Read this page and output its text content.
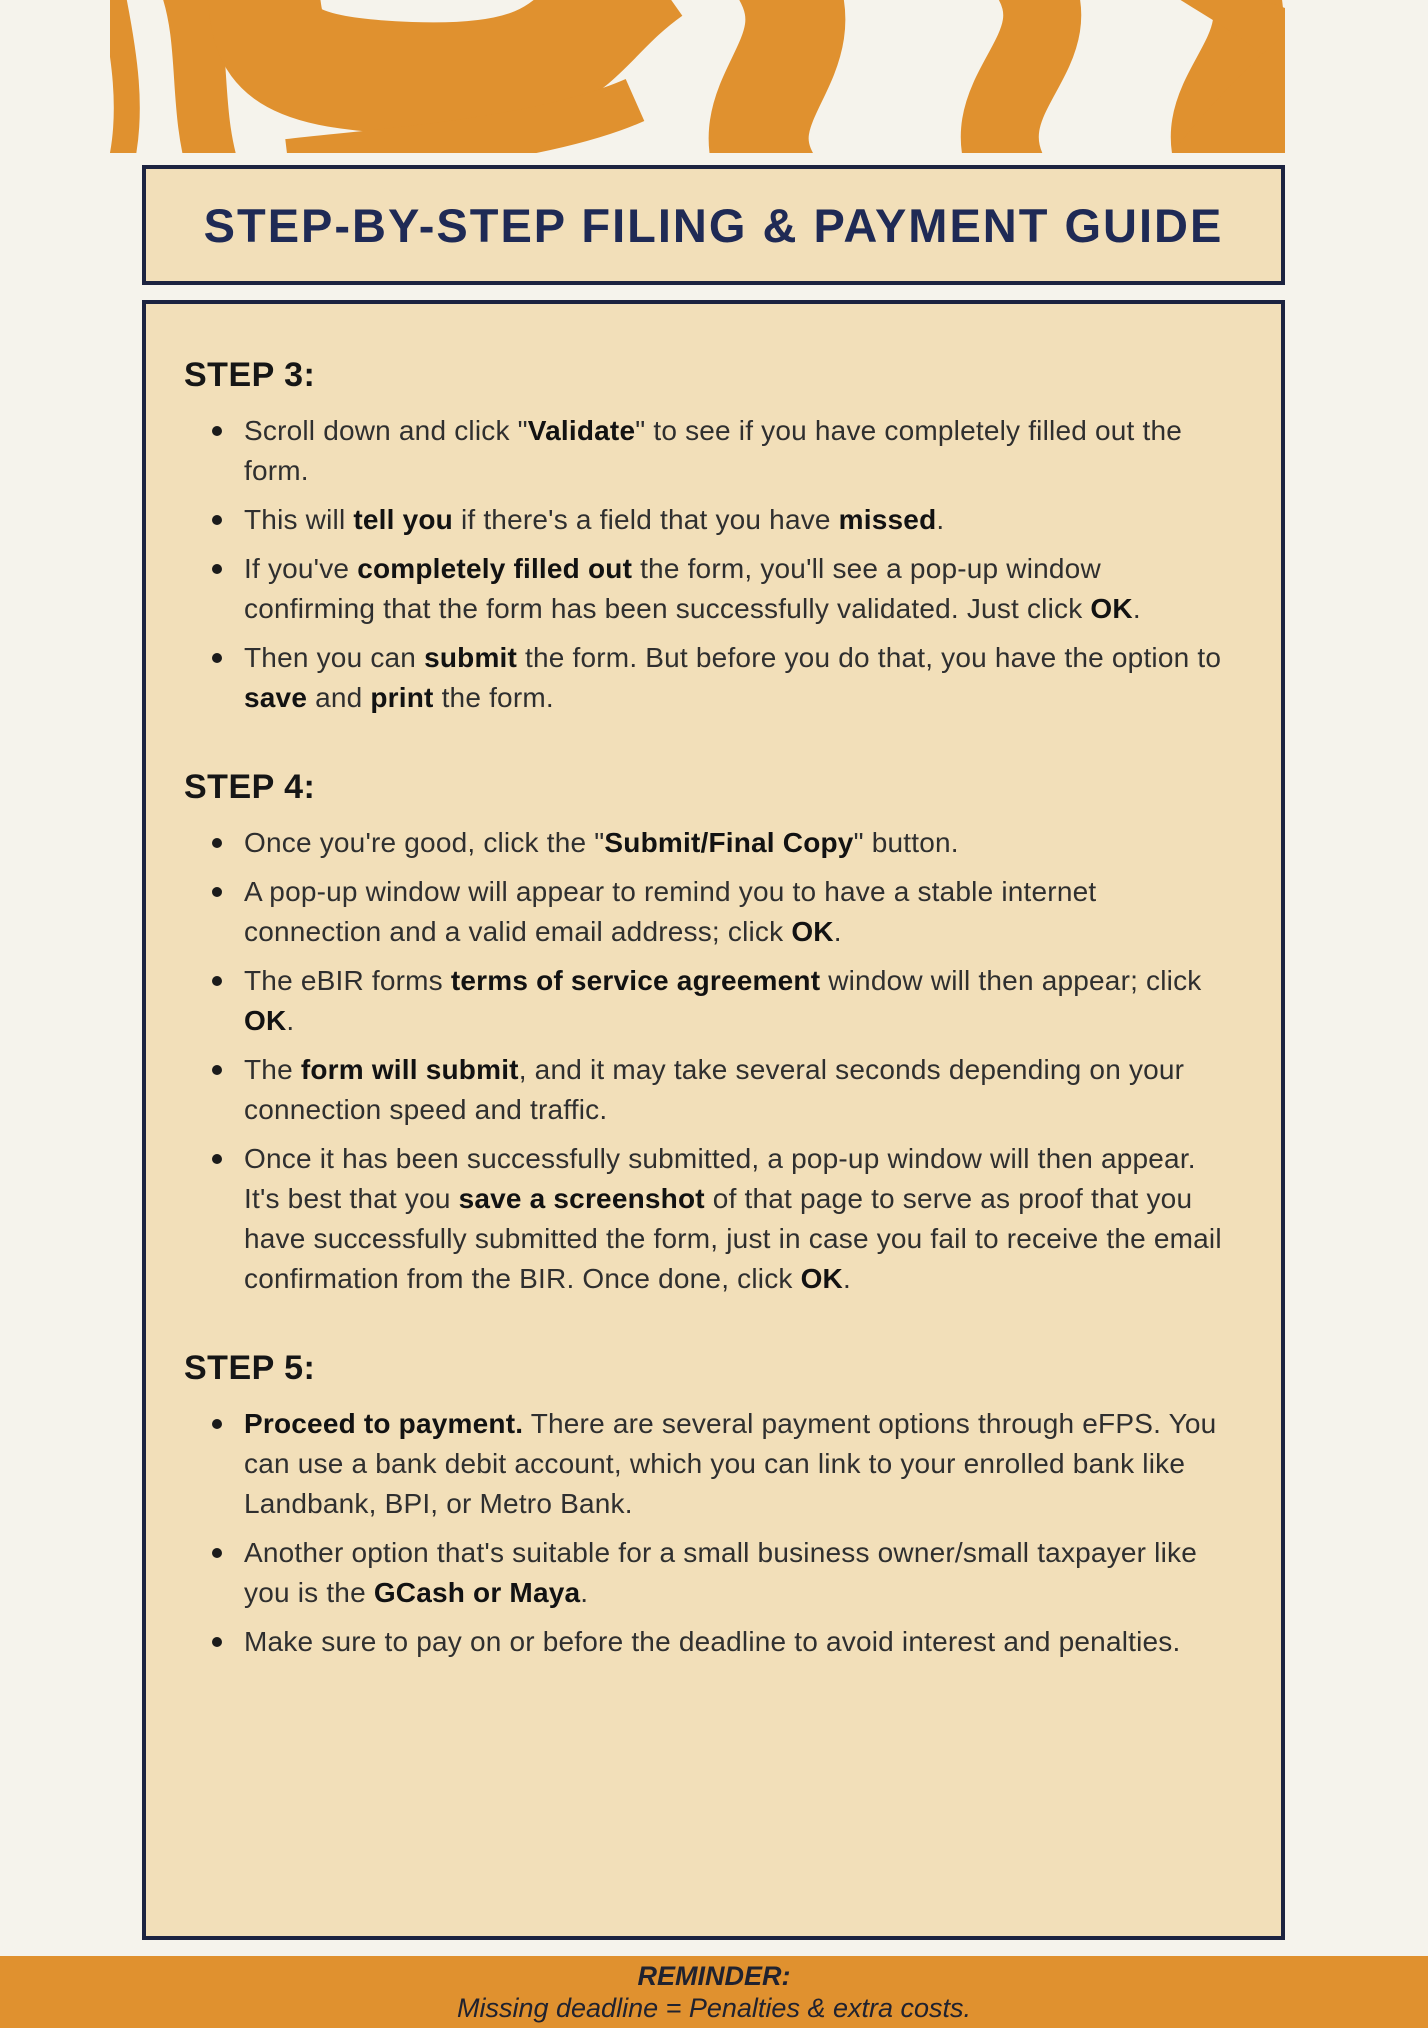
STEP-BY-STEP FILING & PAYMENT GUIDE
STEP 3:
Scroll down and click "Validate" to see if you have completely filled out the form.
This will tell you if there's a field that you have missed.
If you've completely filled out the form, you'll see a pop-up window confirming that the form has been successfully validated. Just click OK.
Then you can submit the form. But before you do that, you have the option to save and print the form.
STEP 4:
Once you're good, click the "Submit/Final Copy" button.
A pop-up window will appear to remind you to have a stable internet connection and a valid email address; click OK.
The eBIR forms terms of service agreement window will then appear; click OK.
The form will submit, and it may take several seconds depending on your connection speed and traffic.
Once it has been successfully submitted, a pop-up window will then appear. It's best that you save a screenshot of that page to serve as proof that you have successfully submitted the form, just in case you fail to receive the email confirmation from the BIR. Once done, click OK.
STEP 5:
Proceed to payment. There are several payment options through eFPS. You can use a bank debit account, which you can link to your enrolled bank like Landbank, BPI, or Metro Bank.
Another option that's suitable for a small business owner/small taxpayer like you is the GCash or Maya.
Make sure to pay on or before the deadline to avoid interest and penalties.
REMINDER:
Missing deadline = Penalties & extra costs.
